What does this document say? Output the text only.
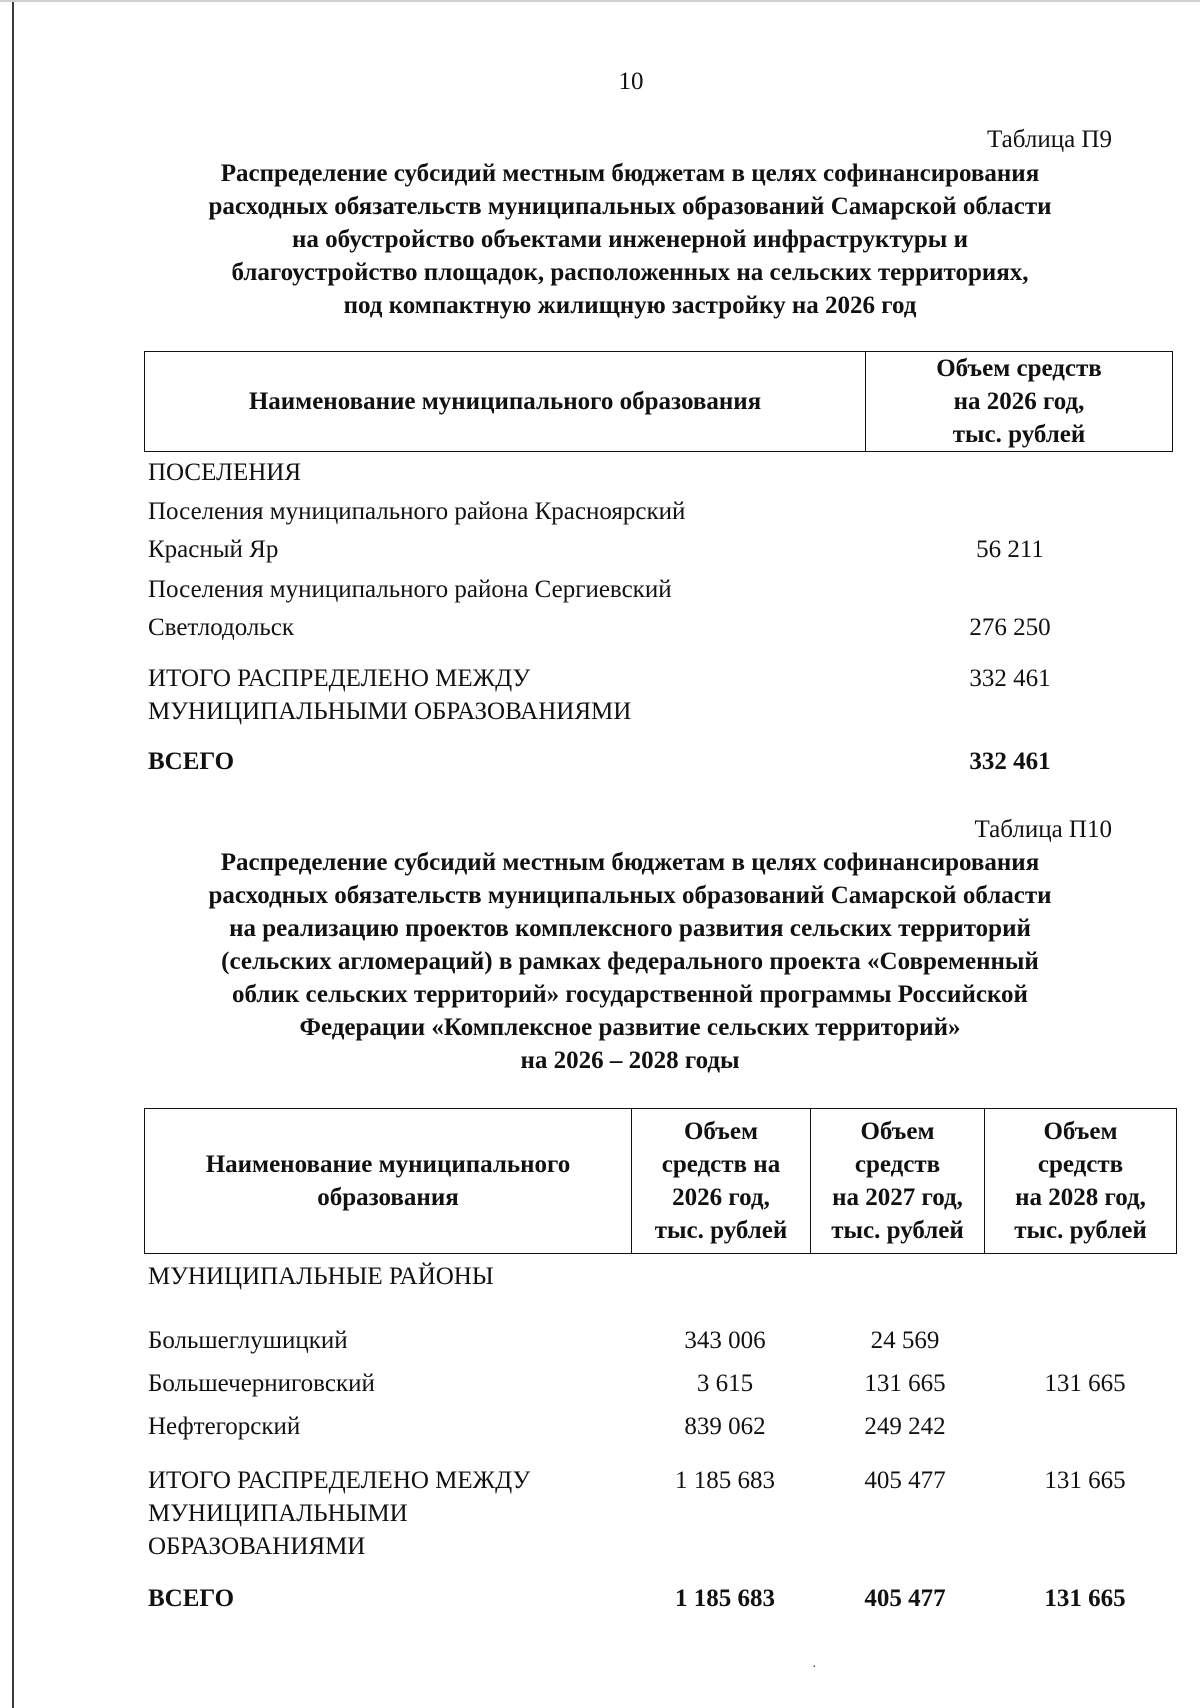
10
Таблица П9
Распределение субсидий местным бюджетам в целях софинансирования
расходных обязательств муниципальных образований Самарской области
на обустройство объектами инженерной инфраструктуры и
благоустройство площадок, расположенных на сельских территориях,
под компактную жилищную застройку на 2026 год
Наименование муниципального образования	
Объем средств
на 2026 год,
тыс. рублей
ПОСЕЛЕНИЯ
Поселения муниципального района Красноярский
Красный Яр	56 211
Поселения муниципального района Сергиевский
Светлодольск	276 250
ИТОГО РАСПРЕДЕЛЕНО МЕЖДУ
МУНИЦИПАЛЬНЫМИ ОБРАЗОВАНИЯМИ
332 461
ВСЕГО	332 461
Таблица П10
Распределение субсидий местным бюджетам в целях софинансирования
расходных обязательств муниципальных образований Самарской области
на реализацию проектов комплексного развития сельских территорий
(сельских агломераций) в рамках федерального проекта «Современный
облик сельских территорий» государственной программы Российской
Федерации «Комплексное развитие сельских территорий»
на 2026 – 2028 годы
Наименование муниципального
образования

Объем
средств на
2026 год,
тыс. рублей

Объем
средств
на 2027 год,
тыс. рублей

Объем
средств
на 2028 год,
тыс. рублей
МУНИЦИПАЛЬНЫЕ РАЙОНЫ
Большеглушицкий	343 006	24 569
Большечерниговский	3 615	131 665	131 665
Нефтегорский	839 062	249 242
ИТОГО РАСПРЕДЕЛЕНО МЕЖДУ
МУНИЦИПАЛЬНЫМИ
ОБРАЗОВАНИЯМИ
1 185 683	405 477	131 665
ВСЕГО	1 185 683	405 477	131 665
·
